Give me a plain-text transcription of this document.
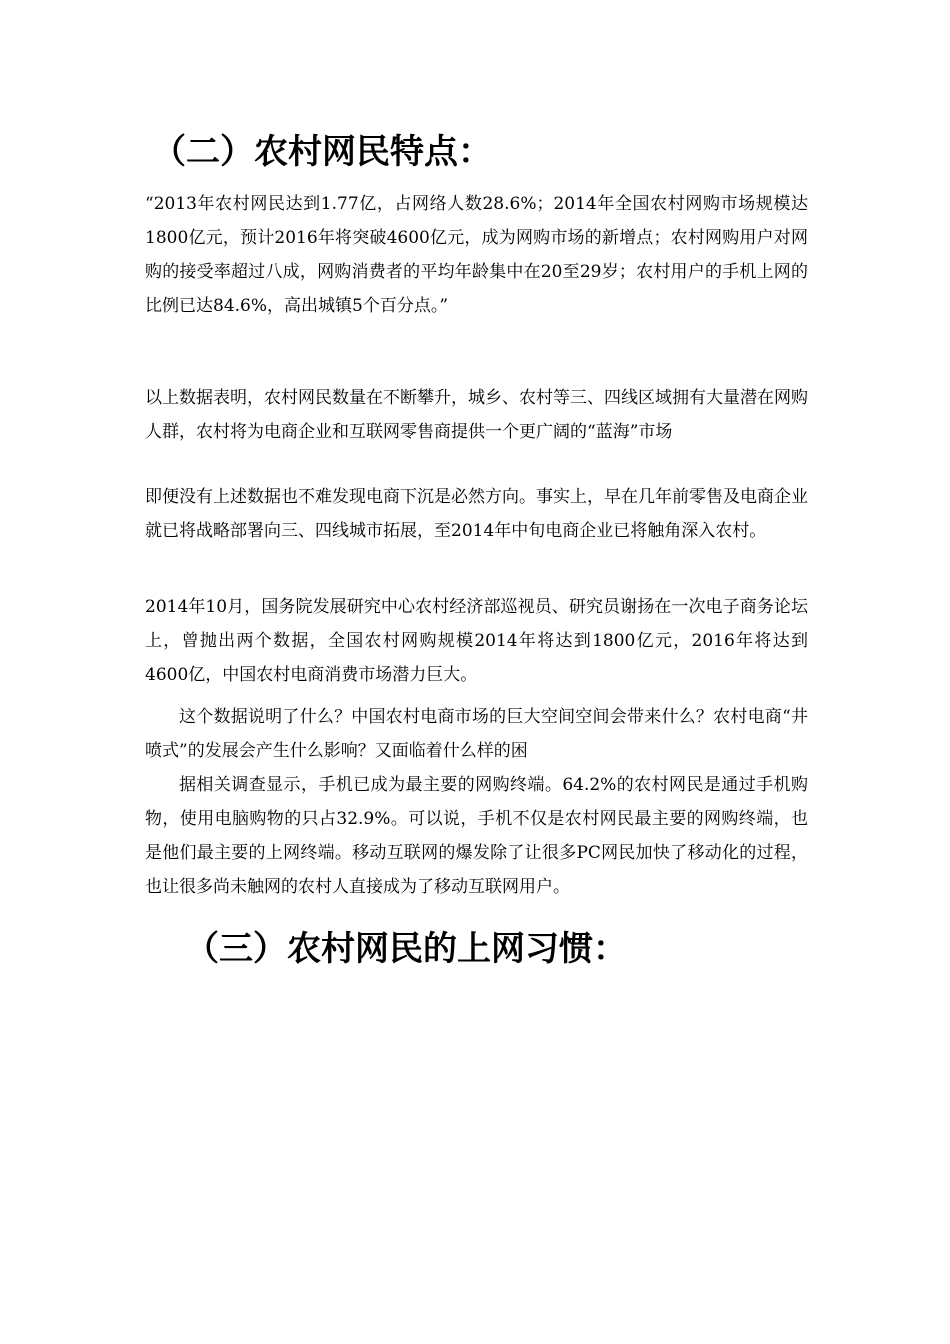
（二）农村网民特点：

“2013年农村网民达到1.77亿，占网络人数28.6%；2014年全国农村网购市场规模达1800亿元，预计2016年将突破4600亿元，成为网购市场的新增点；农村网购用户对网购的接受率超过八成，网购消费者的平均年龄集中在20至29岁；农村用户的手机上网的比例已达84.6%，高出城镇5个百分点。”

以上数据表明，农村网民数量在不断攀升，城乡、农村等三、四线区域拥有大量潜在网购人群，农村将为电商企业和互联网零售商提供一个更广阔的“蓝海”市场

即便没有上述数据也不难发现电商下沉是必然方向。事实上，早在几年前零售及电商企业就已将战略部署向三、四线城市拓展，至2014年中旬电商企业已将触角深入农村。

2014年10月，国务院发展研究中心农村经济部巡视员、研究员谢扬在一次电子商务论坛上，曾抛出两个数据，全国农村网购规模2014年将达到1800亿元，2016年将达到4600亿，中国农村电商消费市场潜力巨大。

这个数据说明了什么？中国农村电商市场的巨大空间空间会带来什么？农村电商“井喷式”的发展会产生什么影响？又面临着什么样的困

据相关调查显示，手机已成为最主要的网购终端。64.2%的农村网民是通过手机购物，使用电脑购物的只占32.9%。可以说，手机不仅是农村网民最主要的网购终端，也是他们最主要的上网终端。移动互联网的爆发除了让很多PC网民加快了移动化的过程，也让很多尚未触网的农村人直接成为了移动互联网用户。

（三）农村网民的上网习惯：
